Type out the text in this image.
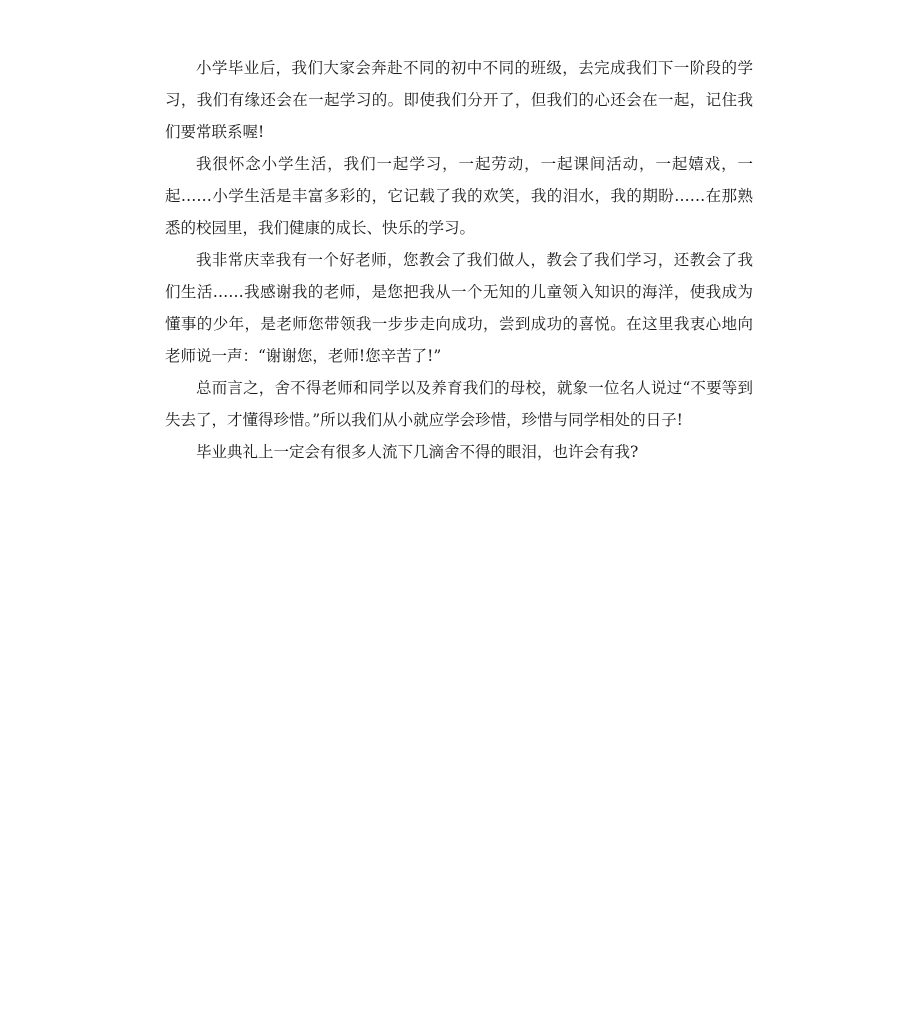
小学毕业后，我们大家会奔赴不同的初中不同的班级，去完成我们下一阶段的学习，我们有缘还会在一起学习的。即使我们分开了，但我们的心还会在一起，记住我们要常联系喔!

我很怀念小学生活，我们一起学习，一起劳动，一起课间活动，一起嬉戏，一起……小学生活是丰富多彩的，它记载了我的欢笑，我的泪水，我的期盼……在那熟悉的校园里，我们健康的成长、快乐的学习。

我非常庆幸我有一个好老师，您教会了我们做人，教会了我们学习，还教会了我们生活……我感谢我的老师，是您把我从一个无知的儿童领入知识的海洋，使我成为懂事的少年，是老师您带领我一步步走向成功，尝到成功的喜悦。在这里我衷心地向老师说一声：“谢谢您，老师!您辛苦了!”

总而言之，舍不得老师和同学以及养育我们的母校，就象一位名人说过“不要等到失去了，才懂得珍惜。”所以我们从小就应学会珍惜，珍惜与同学相处的日子!

毕业典礼上一定会有很多人流下几滴舍不得的眼泪，也许会有我?
